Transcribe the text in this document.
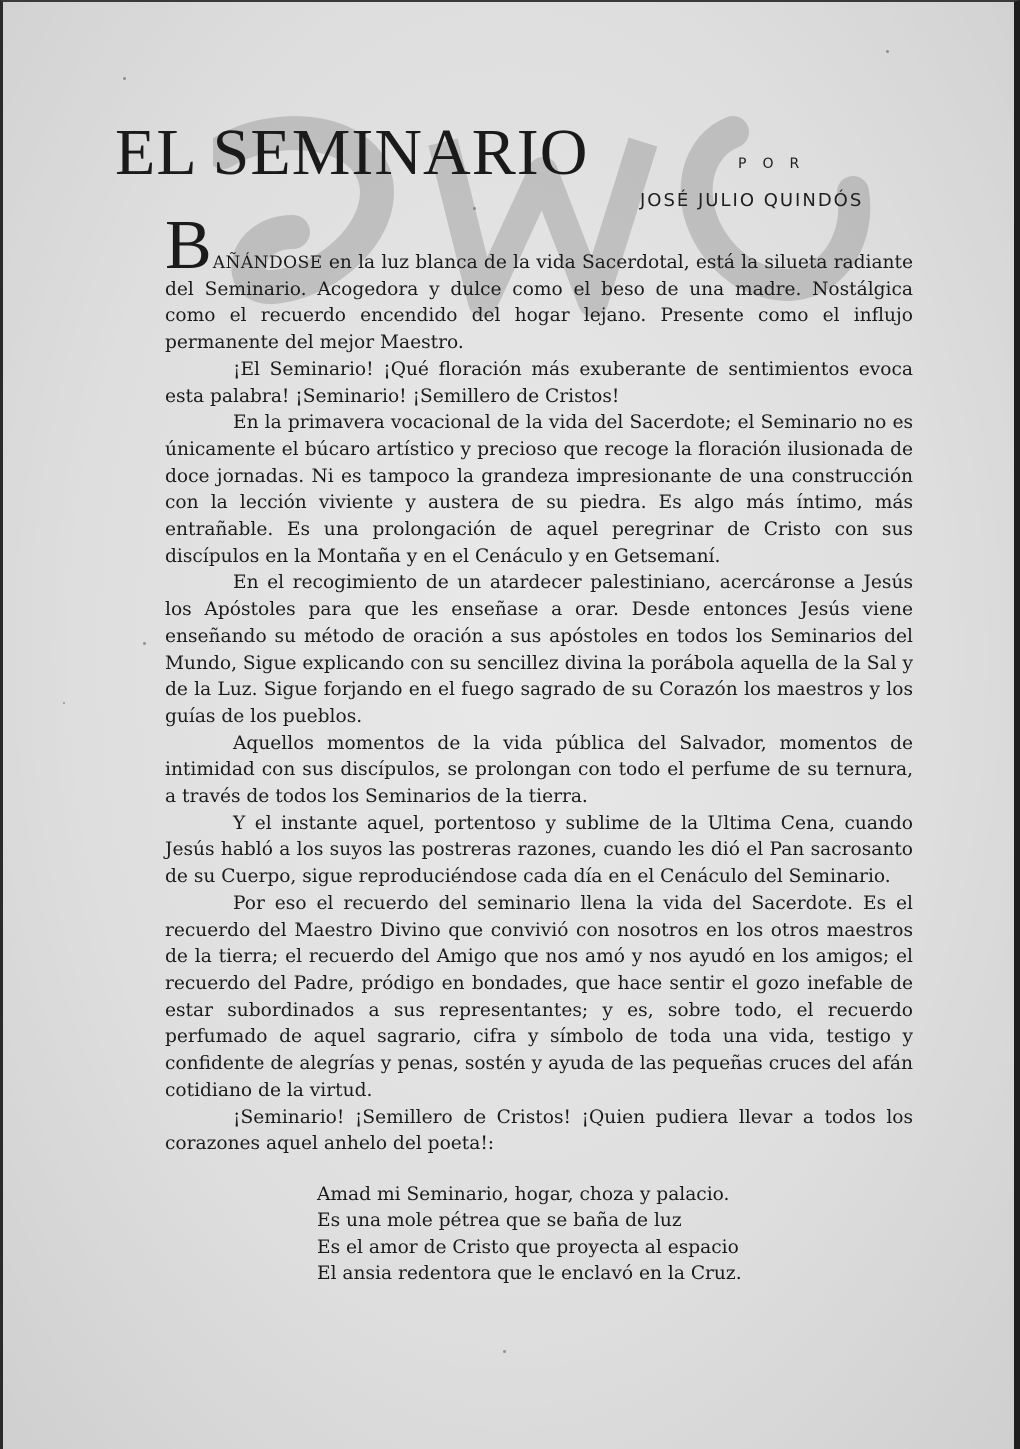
EL SEMINARIO	POR
JOSÉ JULIO QUINDÓS

BAÑÁNDOSE en la luz blanca de la vida Sacerdotal, está la silueta radiante del Seminario. Acogedora y dulce como el beso de una madre. Nostálgica como el recuerdo encendido del hogar lejano. Presente como el influjo permanente del mejor Maestro.

¡El Seminario! ¡Qué floración más exuberante de sentimientos evoca esta palabra! ¡Seminario! ¡Semillero de Cristos!

En la primavera vocacional de la vida del Sacerdote; el Seminario no es únicamente el búcaro artístico y precioso que recoge la floración ilusionada de doce jornadas. Ni es tampoco la grandeza impresionante de una construcción con la lección viviente y austera de su piedra. Es algo más íntimo, más entrañable. Es una prolongación de aquel peregrinar de Cristo con sus discípulos en la Montaña y en el Cenáculo y en Getsemaní.

En el recogimiento de un atardecer palestiniano, acercáronse a Jesús los Apóstoles para que les enseñase a orar. Desde entonces Jesús viene enseñando su método de oración a sus apóstoles en todos los Seminarios del Mundo, Sigue explicando con su sencillez divina la porábola aquella de la Sal y de la Luz. Sigue forjando en el fuego sagrado de su Corazón los maestros y los guías de los pueblos.

Aquellos momentos de la vida pública del Salvador, momentos de intimidad con sus discípulos, se prolongan con todo el perfume de su ternura, a través de todos los Seminarios de la tierra.

Y el instante aquel, portentoso y sublime de la Ultima Cena, cuando Jesús habló a los suyos las postreras razones, cuando les dió el Pan sacrosanto de su Cuerpo, sigue reproduciéndose cada día en el Cenáculo del Seminario.

Por eso el recuerdo del seminario llena la vida del Sacerdote. Es el recuerdo del Maestro Divino que convivió con nosotros en los otros maestros de la tierra; el recuerdo del Amigo que nos amó y nos ayudó en los amigos; el recuerdo del Padre, pródigo en bondades, que hace sentir el gozo inefable de estar subordinados a sus representantes; y es, sobre todo, el recuerdo perfumado de aquel sagrario, cifra y símbolo de toda una vida, testigo y confidente de alegrías y penas, sostén y ayuda de las pequeñas cruces del afán cotidiano de la virtud.

¡Seminario! ¡Semillero de Cristos! ¡Quien pudiera llevar a todos los corazones aquel anhelo del poeta!:

Amad mi Seminario, hogar, choza y palacio.
Es una mole pétrea que se baña de luz
Es el amor de Cristo que proyecta al espacio
El ansia redentora que le enclavó en la Cruz.
